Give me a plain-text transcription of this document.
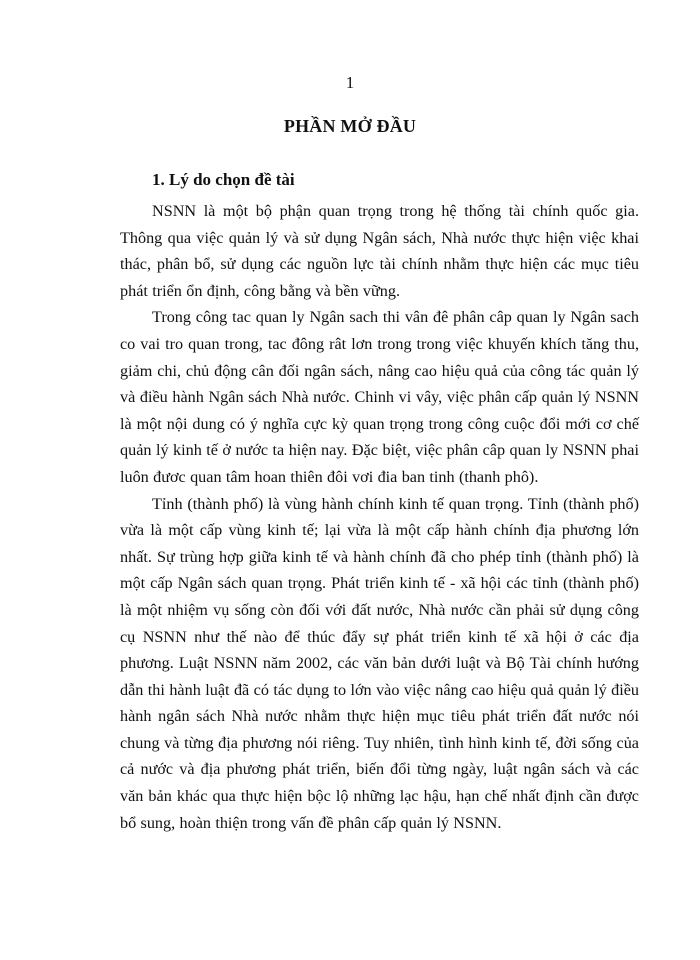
1
PHẦN MỞ ĐẦU
1. Lý do chọn đề tài

NSNN là một bộ phận quan trọng trong hệ thống tài chính quốc gia. Thông qua việc quản lý và sử dụng Ngân sách, Nhà nước thực hiện việc khai thác, phân bổ, sử dụng các nguồn lực tài chính nhằm thực hiện các mục tiêu phát triển ổn định, công bằng và bền vững.

Trong công tac quan ly Ngân sach thi vân đê phân câp quan ly Ngân sach co vai tro quan trong, tac đông rât lơn trong trong việc khuyến khích tăng thu, giảm chi, chủ động cân đối ngân sách, nâng cao hiệu quả của công tác quản lý và điều hành Ngân sách Nhà nước. Chinh vi vây, việc phân cấp quản lý NSNN là một nội dung có ý nghĩa cực kỳ quan trọng trong công cuộc đổi mới cơ chế quản lý kinh tế ở nước ta hiện nay. Đặc biệt, việc phân câp quan ly NSNN phai luôn đươc quan tâm hoan thiên đôi vơi đia ban tinh (thanh phô).

Tỉnh (thành phố) là vùng hành chính kinh tế quan trọng. Tỉnh (thành phố) vừa là một cấp vùng kinh tế; lại vừa là một cấp hành chính địa phương lớn nhất. Sự trùng hợp giữa kinh tế và hành chính đã cho phép tỉnh (thành phố) là một cấp Ngân sách quan trọng. Phát triển kinh tế - xã hội các tỉnh (thành phố) là một nhiệm vụ sống còn đối với đất nước, Nhà nước cần phải sử dụng công cụ NSNN như thế nào để thúc đẩy sự phát triển kinh tế xã hội ở các địa phương. Luật NSNN năm 2002, các văn bản dưới luật và Bộ Tài chính hướng dẫn thi hành luật đã có tác dụng to lớn vào việc nâng cao hiệu quả quản lý điều hành ngân sách Nhà nước nhằm thực hiện mục tiêu phát triển đất nước nói chung và từng địa phương nói riêng. Tuy nhiên, tình hình kinh tế, đời sống của cả nước và địa phương phát triển, biến đổi từng ngày, luật ngân sách và các văn bản khác qua thực hiện bộc lộ những lạc hậu, hạn chế nhất định cần được bổ sung, hoàn thiện trong vấn đề phân cấp quản lý NSNN.
